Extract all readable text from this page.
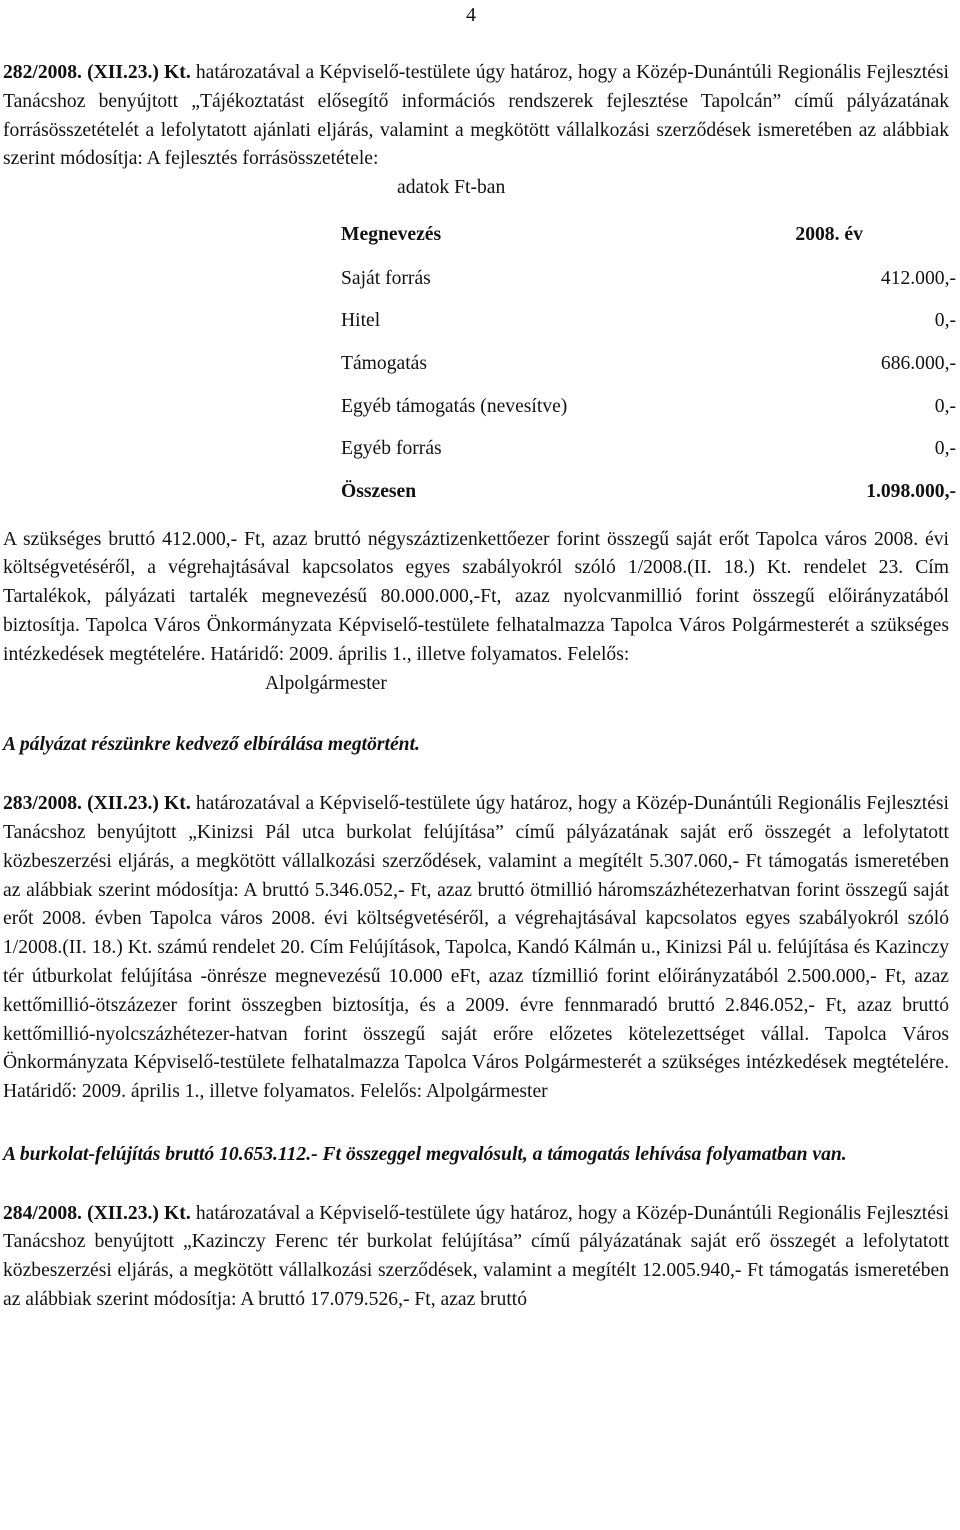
4

282/2008. (XII.23.) Kt. határozatával a Képviselő-testülete úgy határoz, hogy a Közép-Dunántúli Regionális Fejlesztési Tanácshoz benyújtott „Tájékoztatást elősegítő információs rendszerek fejlesztése Tapolcán” című pályázatának forrásösszetételét a lefolytatott ajánlati eljárás, valamint a megkötött vállalkozási szerződések ismeretében az alábbiak szerint módosítja: A fejlesztés forrásösszetétele:

adatok Ft-ban

Megnevezés	2008. év
Saját forrás	412.000,-
Hitel	0,-
Támogatás	686.000,-
Egyéb támogatás (nevesítve)	0,-
Egyéb forrás	0,-
Összesen	1.098.000,-

A szükséges bruttó 412.000,- Ft, azaz bruttó négyszáztizenkettőezer forint összegű saját erőt Tapolca város 2008. évi költségvetéséről, a végrehajtásával kapcsolatos egyes szabályokról szóló 1/2008.(II. 18.) Kt. rendelet 23. Cím Tartalékok, pályázati tartalék megnevezésű 80.000.000,-Ft, azaz nyolcvanmillió forint összegű előirányzatából biztosítja. Tapolca Város Önkormányzata Képviselő-testülete felhatalmazza Tapolca Város Polgármesterét a szükséges intézkedések megtételére. Határidő: 2009. április 1., illetve folyamatos. Felelős:

Alpolgármester

A pályázat részünkre kedvező elbírálása megtörtént.

283/2008. (XII.23.) Kt. határozatával a Képviselő-testülete úgy határoz, hogy a Közép-Dunántúli Regionális Fejlesztési Tanácshoz benyújtott „Kinizsi Pál utca burkolat felújítása” című pályázatának saját erő összegét a lefolytatott közbeszerzési eljárás, a megkötött vállalkozási szerződések, valamint a megítélt 5.307.060,- Ft támogatás ismeretében az alábbiak szerint módosítja: A bruttó 5.346.052,- Ft, azaz bruttó ötmillió háromszázhétezerhatvan forint összegű saját erőt 2008. évben Tapolca város 2008. évi költségvetéséről, a végrehajtásával kapcsolatos egyes szabályokról szóló 1/2008.(II. 18.) Kt. számú rendelet 20. Cím Felújítások, Tapolca, Kandó Kálmán u., Kinizsi Pál u. felújítása és Kazinczy tér útburkolat felújítása -önrésze megnevezésű 10.000 eFt, azaz tízmillió forint előirányzatából 2.500.000,- Ft, azaz kettőmillió-ötszázezer forint összegben biztosítja, és a 2009. évre fennmaradó bruttó 2.846.052,- Ft, azaz bruttó kettőmillió-nyolcszázhétezer-hatvan forint összegű saját erőre előzetes kötelezettséget vállal. Tapolca Város Önkormányzata Képviselő-testülete felhatalmazza Tapolca Város Polgármesterét a szükséges intézkedések megtételére. Határidő: 2009. április 1., illetve folyamatos. Felelős: Alpolgármester

A burkolat-felújítás bruttó 10.653.112.- Ft összeggel megvalósult, a támogatás lehívása folyamatban van.

284/2008. (XII.23.) Kt. határozatával a Képviselő-testülete úgy határoz, hogy a Közép-Dunántúli Regionális Fejlesztési Tanácshoz benyújtott „Kazinczy Ferenc tér burkolat felújítása” című pályázatának saját erő összegét a lefolytatott közbeszerzési eljárás, a megkötött vállalkozási szerződések, valamint a megítélt 12.005.940,- Ft támogatás ismeretében az alábbiak szerint módosítja: A bruttó 17.079.526,- Ft, azaz bruttó
